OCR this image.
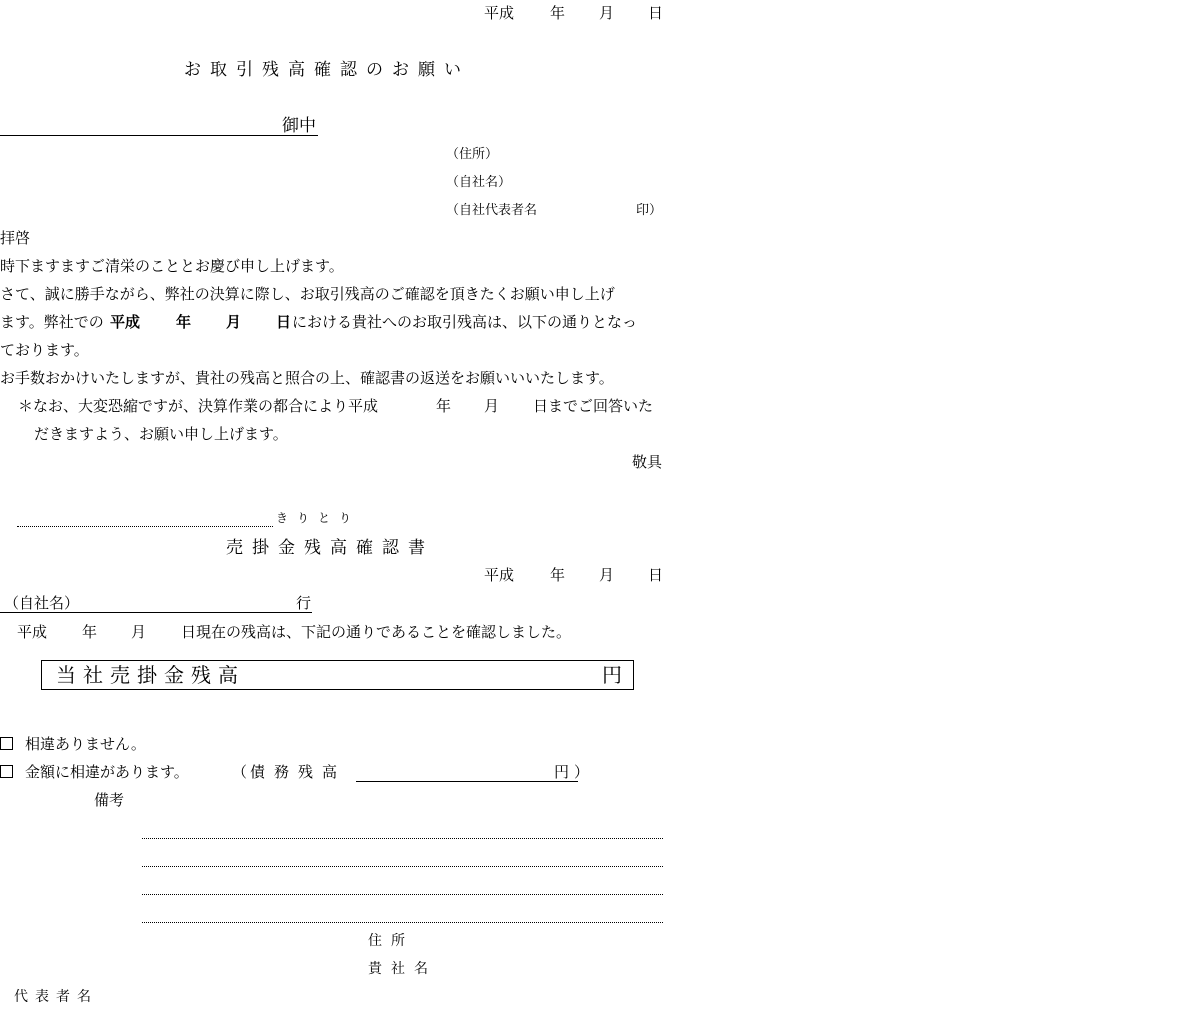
平成 年 月 日
お取引残高確認のお願い
御中
（住所）
（自社名）
（自社代表者名	印）
拝啓
時下ますますご清栄のこととお慶び申し上げます。
さて、誠に勝手ながら、弊社の決算に際し、お取引残高のご確認を頂きたくお願い申し上げ
ます。弊社での 平成 年 月 日 における貴社へのお取引残高は、以下の通りとなっ
ております。
お手数おかけいたしますが、貴社の残高と照合の上、確認書の返送をお願いいいたします。
＊なお、大変恐縮ですが、決算作業の都合により平成	年 月 日までご回答いた
だきますよう、お願い申し上げます。
敬具
きりとり
売掛金残高確認書
平成 年 月 日
（自社名）	行
平成 年 月 日現在の残高は、下記の通りであることを確認しました。
当社売掛金残高	円
相違ありません。
金額に相違があります。	（ 債務残高	円 ）
備考
住所
貴社名
代表者名
